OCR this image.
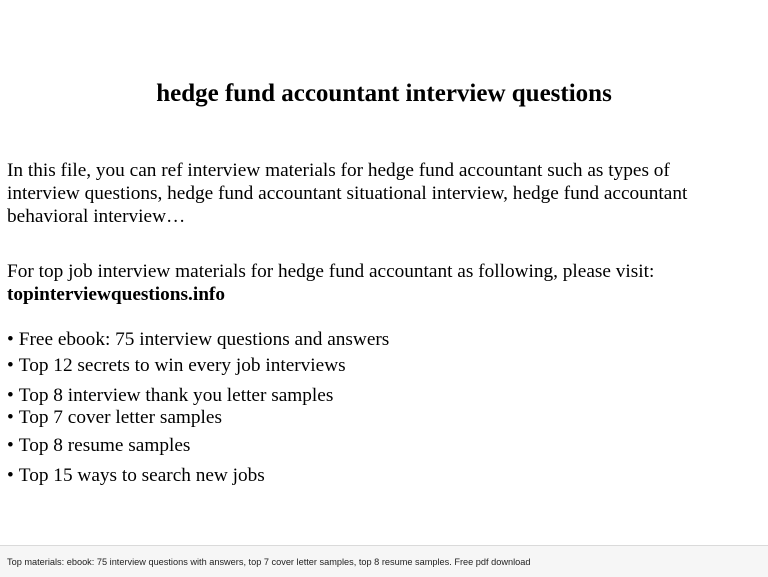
hedge fund accountant interview questions
In this file, you can ref interview materials for hedge fund accountant such as types of
interview questions, hedge fund accountant situational interview, hedge fund accountant
behavioral interview…
For top job interview materials for hedge fund accountant as following, please visit:
topinterviewquestions.info
• Free ebook: 75 interview questions and answers
• Top 12 secrets to win every job interviews
• Top 8 interview thank you letter samples
• Top 7 cover letter samples
• Top 8 resume samples
• Top 15 ways to search new jobs
Top materials: ebook: 75 interview questions with answers, top 7 cover letter samples, top 8 resume samples. Free pdf download
